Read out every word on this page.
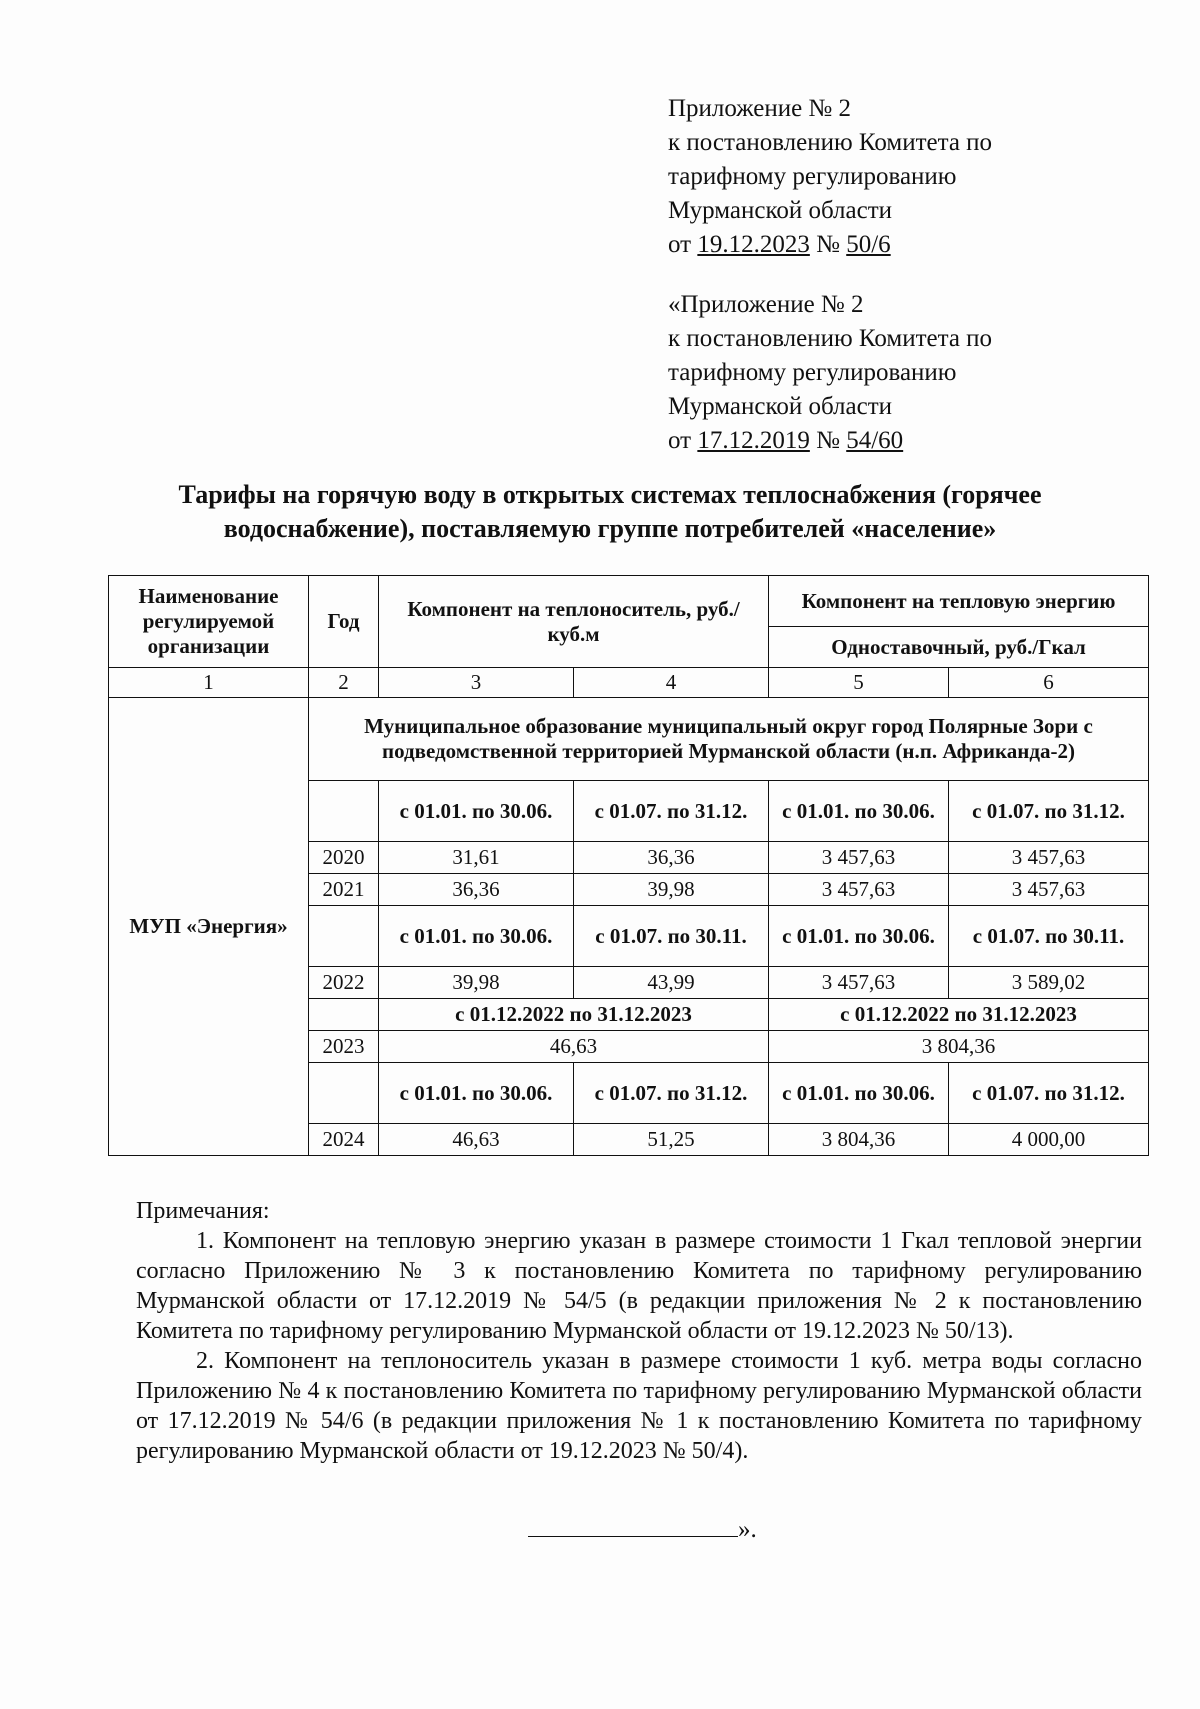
Приложение № 2
к постановлению Комитета по
тарифному регулированию
Мурманской области
от 19.12.2023 № 50/6
«Приложение № 2
к постановлению Комитета по
тарифному регулированию
Мурманской области
от 17.12.2019 № 54/60
Тарифы на горячую воду в открытых системах теплоснабжения (горячее водоснабжение), поставляемую группе потребителей «население»
Наименование регулируемой организации	Год	Компонент на теплоноситель, руб./куб.м		Компонент на тепловую энергию	
				Одноставочный, руб./Гкал	
1	2	3	4	5	6
МУП «Энергия»	Муниципальное образование муниципальный округ город Полярные Зори с подведомственной территорией Мурманской области (н.п. Африканда-2)				
		с 01.01. по 30.06.	с 01.07. по 31.12.	с 01.01. по 30.06.	с 01.07. по 31.12.
	2020	31,61	36,36	3 457,63	3 457,63
	2021	36,36	39,98	3 457,63	3 457,63
		с 01.01. по 30.06.	с 01.07. по 30.11.	с 01.01. по 30.06.	с 01.07. по 30.11.
	2022	39,98	43,99	3 457,63	3 589,02
		с 01.12.2022 по 31.12.2023		с 01.12.2022 по 31.12.2023	
	2023	46,63		3 804,36	
		с 01.01. по 30.06.	с 01.07. по 31.12.	с 01.01. по 30.06.	с 01.07. по 31.12.
	2024	46,63	51,25	3 804,36	4 000,00

Примечания:

1. Компонент на тепловую энергию указан в размере стоимости 1 Гкал тепловой энергии согласно Приложению № 3 к постановлению Комитета по тарифному регулированию Мурманской области от 17.12.2019 № 54/5 (в редакции приложения № 2 к постановлению Комитета по тарифному регулированию Мурманской области от 19.12.2023 № 50/13).

2. Компонент на теплоноситель указан в размере стоимости 1 куб. метра воды согласно Приложению № 4 к постановлению Комитета по тарифному регулированию Мурманской области от 17.12.2019 № 54/6 (в редакции приложения № 1 к постановлению Комитета по тарифному регулированию Мурманской области от 19.12.2023 № 50/4).

».
